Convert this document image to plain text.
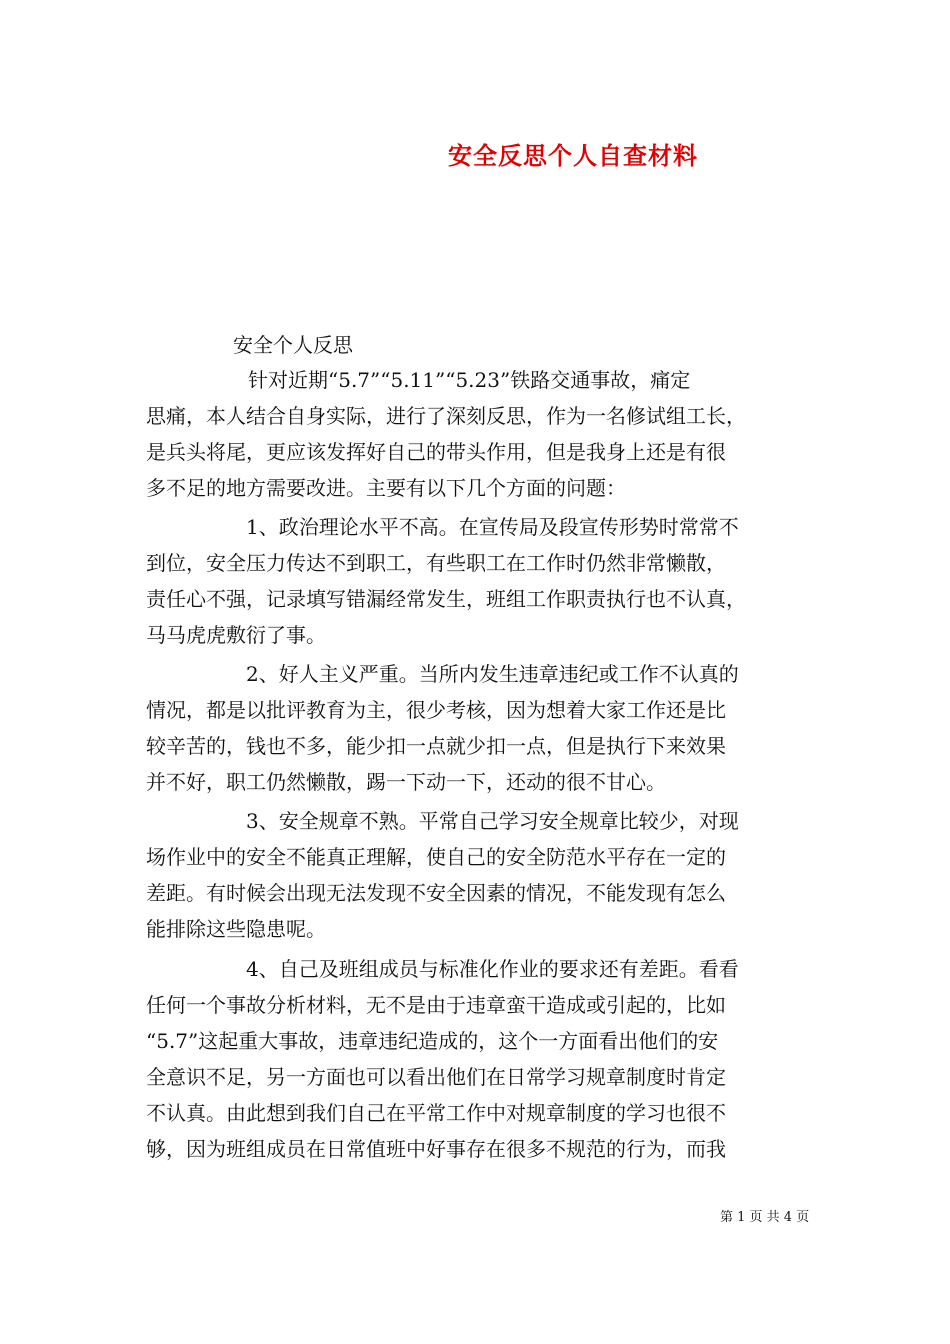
安全反思个人自查材料
安全个人反思
针对近期“5.7”“5.11”“5.23”铁路交通事故，痛定
思痛，本人结合自身实际，进行了深刻反思，作为一名修试组工长，
是兵头将尾，更应该发挥好自己的带头作用，但是我身上还是有很
多不足的地方需要改进。主要有以下几个方面的问题：
1、政治理论水平不高。在宣传局及段宣传形势时常常不
到位，安全压力传达不到职工，有些职工在工作时仍然非常懒散，
责任心不强，记录填写错漏经常发生，班组工作职责执行也不认真，
马马虎虎敷衍了事。
2、好人主义严重。当所内发生违章违纪或工作不认真的
情况，都是以批评教育为主，很少考核，因为想着大家工作还是比
较辛苦的，钱也不多，能少扣一点就少扣一点，但是执行下来效果
并不好，职工仍然懒散，踢一下动一下，还动的很不甘心。
3、安全规章不熟。平常自己学习安全规章比较少，对现
场作业中的安全不能真正理解，使自己的安全防范水平存在一定的
差距。有时候会出现无法发现不安全因素的情况，不能发现有怎么
能排除这些隐患呢。
4、自己及班组成员与标准化作业的要求还有差距。看看
任何一个事故分析材料，无不是由于违章蛮干造成或引起的，比如
“5.7”这起重大事故，违章违纪造成的，这个一方面看出他们的安
全意识不足，另一方面也可以看出他们在日常学习规章制度时肯定
不认真。由此想到我们自己在平常工作中对规章制度的学习也很不
够，因为班组成员在日常值班中好事存在很多不规范的行为，而我
第 1 页 共 4 页
